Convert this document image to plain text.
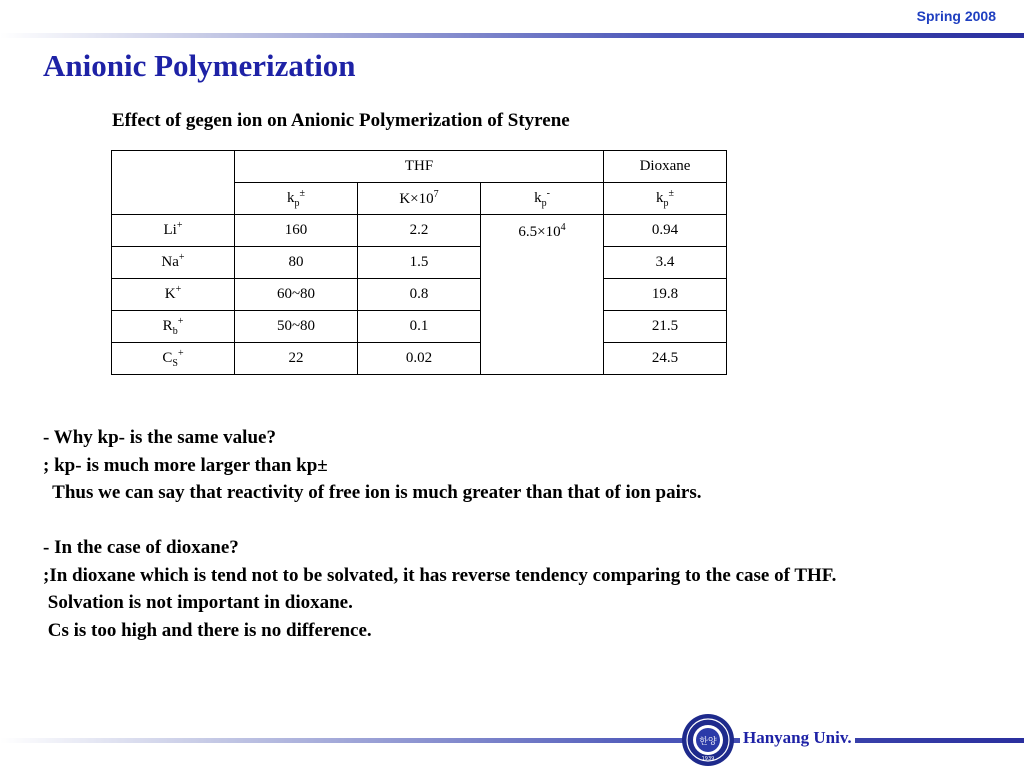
Spring 2008
Anionic Polymerization
Effect of gegen ion on Anionic Polymerization of Styrene
	THF			Dioxane
	$k_p^\pm$	$K\times 10^7$	$k_p^-$	$k_p^\pm$
Li+	160	2.2	$6.5\times 10^4$	0.94
Na+	80	1.5		3.4
K+	60~80	0.8		19.8
$R_b^+$	50~80	0.1		21.5
$C_S^+$	22	0.02		24.5
- Why kp- is the same value?
; kp- is much more larger than kp±
Thus we can say that reactivity of free ion is much greater than that of ion pairs.

- In the case of dioxane?
;In dioxane which is tend not to be solvated, it has reverse tendency comparing to the case of THF.
Solvation is not important in dioxane.
Cs is too high and there is no difference.
한양
1939
Hanyang Univ.
